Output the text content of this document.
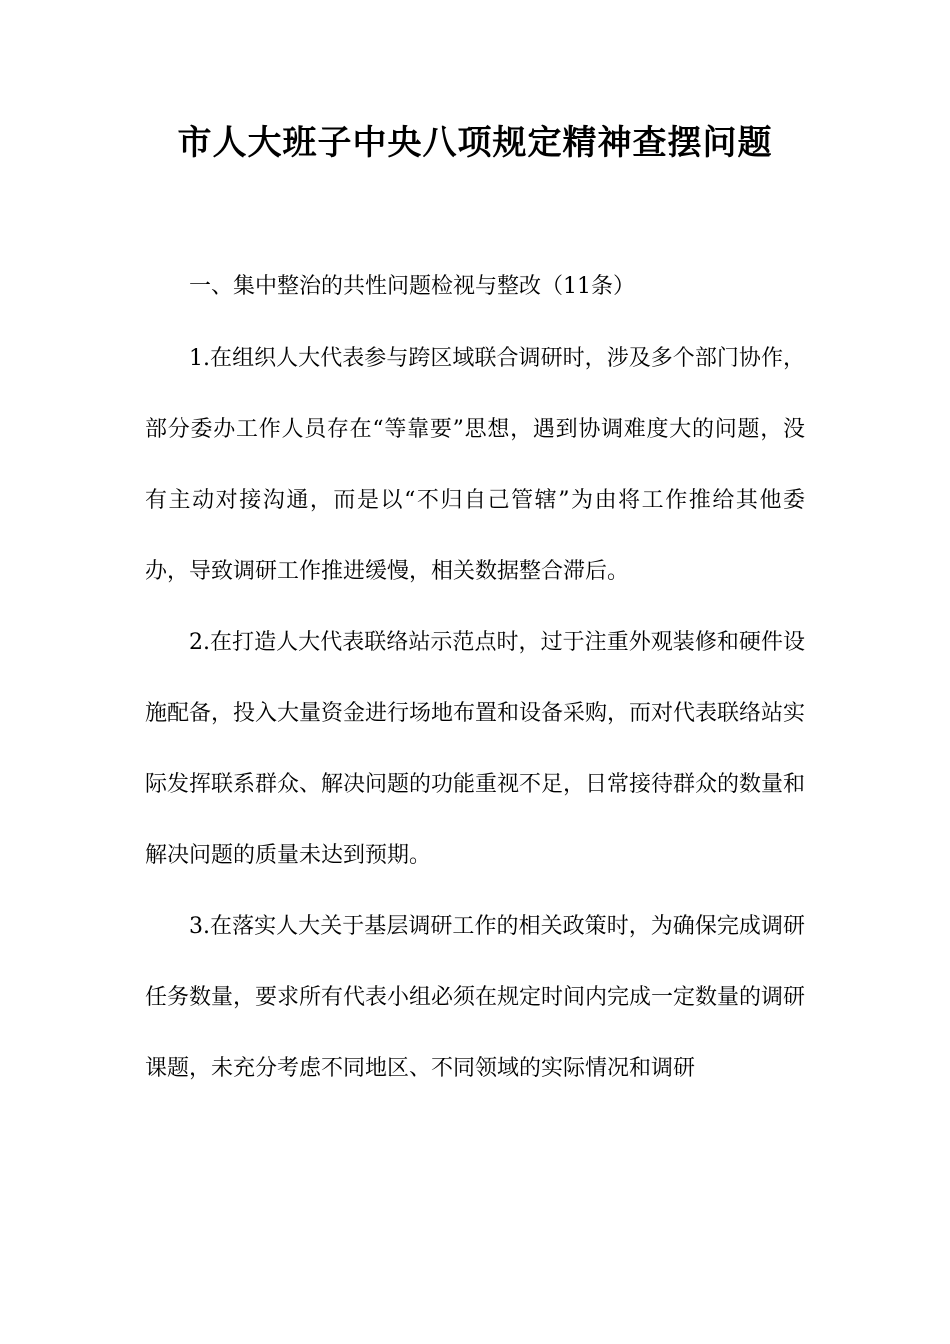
市人大班子中央八项规定精神查摆问题

一、集中整治的共性问题检视与整改（11条）

1.在组织人大代表参与跨区域联合调研时，涉及多个部门协作，部分委办工作人员存在“等靠要”思想，遇到协调难度大的问题，没有主动对接沟通，而是以“不归自己管辖”为由将工作推给其他委办，导致调研工作推进缓慢，相关数据整合滞后。

2.在打造人大代表联络站示范点时，过于注重外观装修和硬件设施配备，投入大量资金进行场地布置和设备采购，而对代表联络站实际发挥联系群众、解决问题的功能重视不足，日常接待群众的数量和解决问题的质量未达到预期。

3.在落实人大关于基层调研工作的相关政策时，为确保完成调研任务数量，要求所有代表小组必须在规定时间内完成一定数量的调研课题，未充分考虑不同地区、不同领域的实际情况和调研
